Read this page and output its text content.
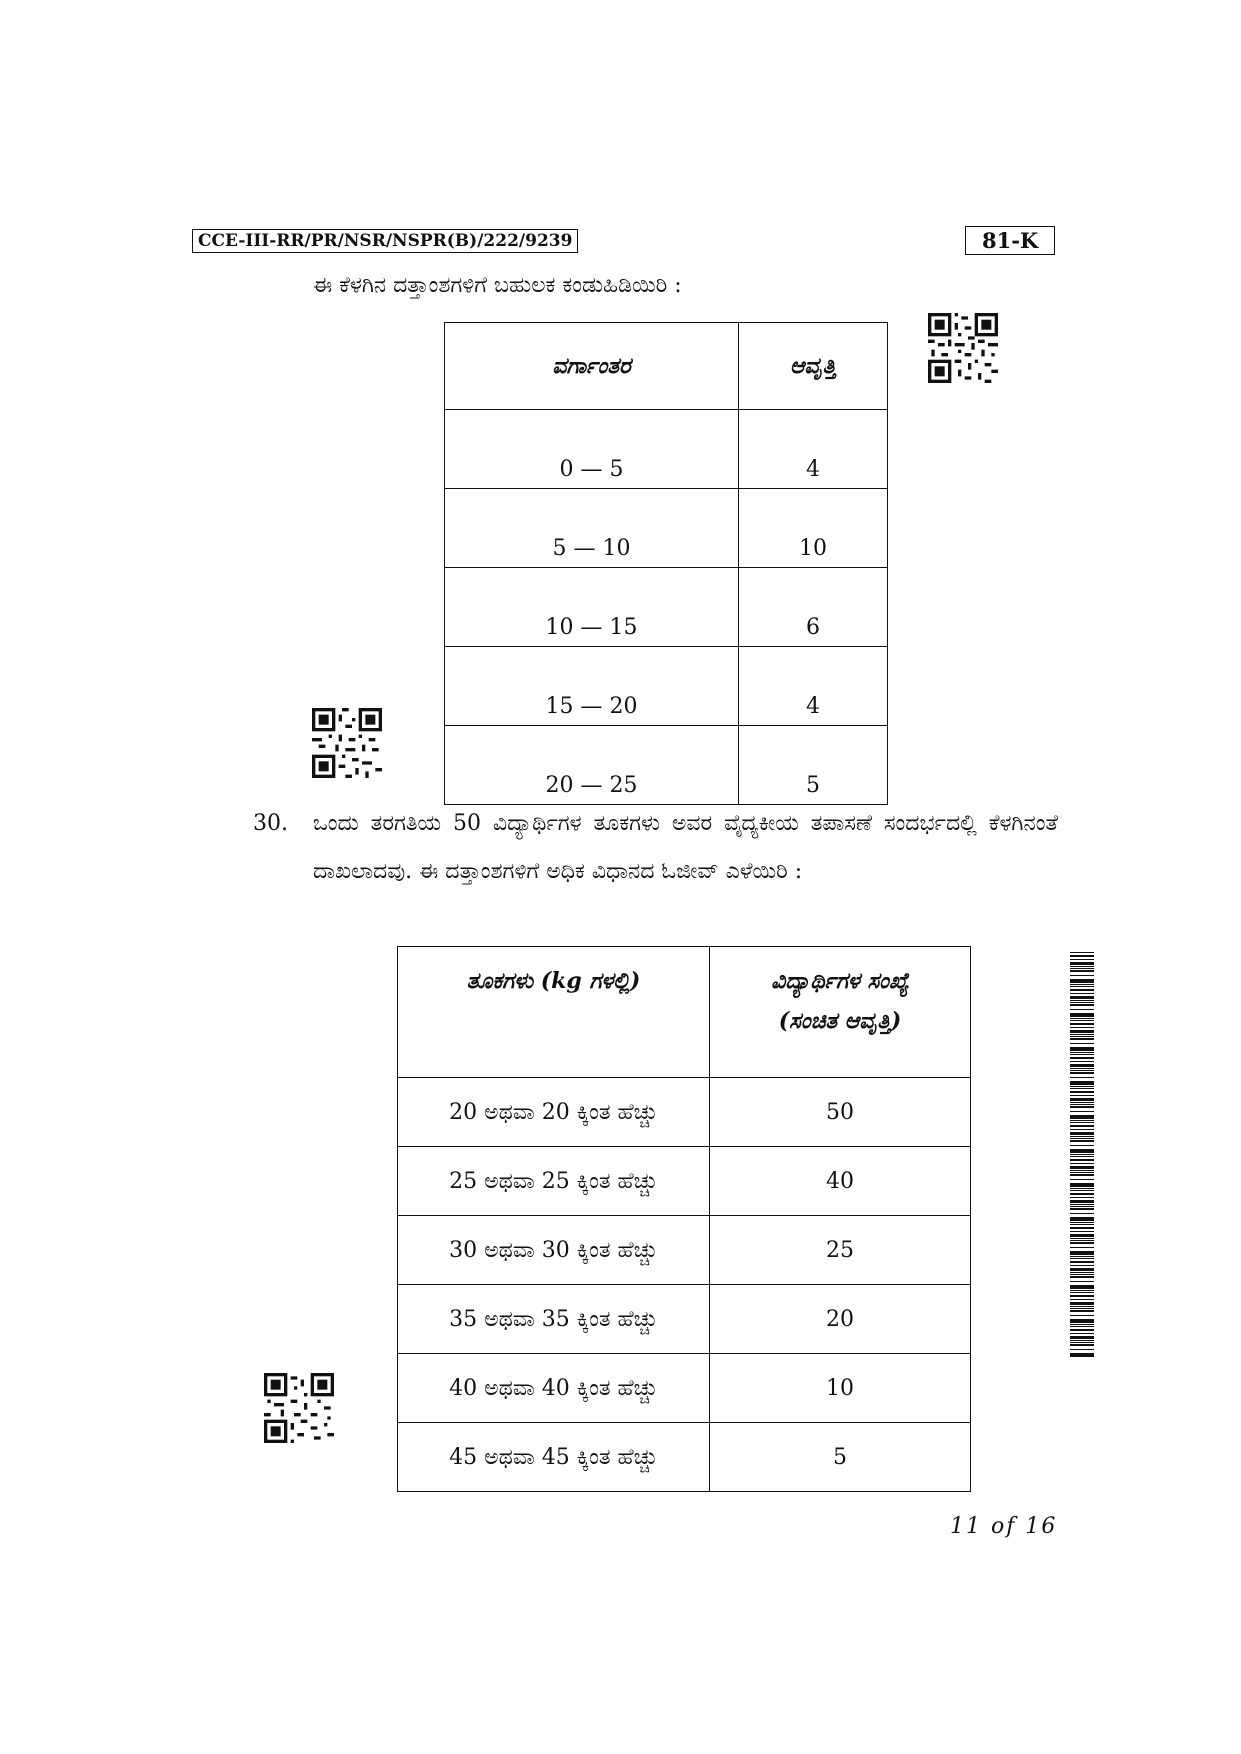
CCE-III-RR/PR/NSR/NSPR(B)/222/9239	81-K
ಈ ಕೆಳಗಿನ ದತ್ತಾಂಶಗಳಿಗೆ ಬಹುಲಕ ಕಂಡುಹಿಡಿಯಿರಿ :
ವರ್ಗಾಂತರ	ಆವೃತ್ತಿ
0 — 5	4
5 — 10	10
10 — 15	6
15 — 20	4
20 — 25	5
30. ಒಂದು ತರಗತಿಯ 50 ವಿದ್ಯಾರ್ಥಿಗಳ ತೂಕಗಳು ಅವರ ವೈದ್ಯಕೀಯ ತಪಾಸಣೆ ಸಂದರ್ಭದಲ್ಲಿ ಕೆಳಗಿನಂತೆ ದಾಖಲಾದವು. ಈ ದತ್ತಾಂಶಗಳಿಗೆ ಅಧಿಕ ವಿಧಾನದ ಓಜೀವ್ ಎಳೆಯಿರಿ :
ತೂಕಗಳು (kg ಗಳಲ್ಲಿ)	ವಿದ್ಯಾರ್ಥಿಗಳ ಸಂಖ್ಯೆ
(ಸಂಚಿತ ಆವೃತ್ತಿ)

20 ಅಥವಾ 20 ಕ್ಕಿಂತ ಹೆಚ್ಚು	50
25 ಅಥವಾ 25 ಕ್ಕಿಂತ ಹೆಚ್ಚು	40
30 ಅಥವಾ 30 ಕ್ಕಿಂತ ಹೆಚ್ಚು	25
35 ಅಥವಾ 35 ಕ್ಕಿಂತ ಹೆಚ್ಚು	20
40 ಅಥವಾ 40 ಕ್ಕಿಂತ ಹೆಚ್ಚು	10
45 ಅಥವಾ 45 ಕ್ಕಿಂತ ಹೆಚ್ಚು	5
11 of 16
